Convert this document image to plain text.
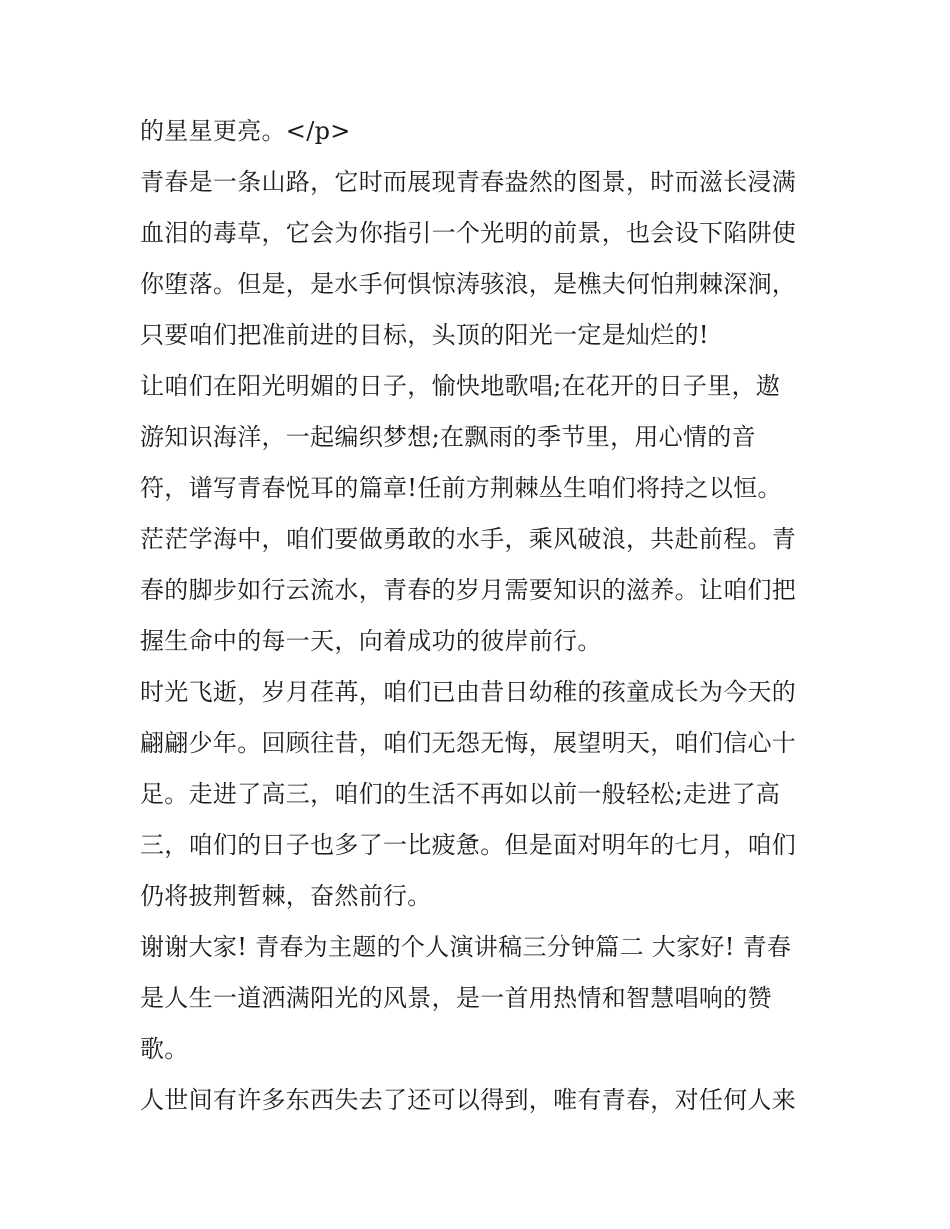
的星星更亮。</p>
青春是一条山路，它时而展现青春盎然的图景，时而滋长浸满
血泪的毒草，它会为你指引一个光明的前景，也会设下陷阱使
你堕落。但是，是水手何惧惊涛骇浪，是樵夫何怕荆棘深涧，
只要咱们把准前进的目标，头顶的阳光一定是灿烂的!
让咱们在阳光明媚的日子，愉快地歌唱;在花开的日子里，遨
游知识海洋，一起编织梦想;在飘雨的季节里，用心情的音
符，谱写青春悦耳的篇章!任前方荆棘丛生咱们将持之以恒。
茫茫学海中，咱们要做勇敢的水手，乘风破浪，共赴前程。青
春的脚步如行云流水，青春的岁月需要知识的滋养。让咱们把
握生命中的每一天，向着成功的彼岸前行。
时光飞逝，岁月荏苒，咱们已由昔日幼稚的孩童成长为今天的
翩翩少年。回顾往昔，咱们无怨无悔，展望明天，咱们信心十
足。走进了高三，咱们的生活不再如以前一般轻松;走进了高
三，咱们的日子也多了一比疲惫。但是面对明年的七月，咱们
仍将披荆暂棘，奋然前行。
谢谢大家! 青春为主题的个人演讲稿三分钟篇二 大家好! 青春
是人生一道洒满阳光的风景，是一首用热情和智慧唱响的赞
歌。
人世间有许多东西失去了还可以得到，唯有青春，对任何人来
